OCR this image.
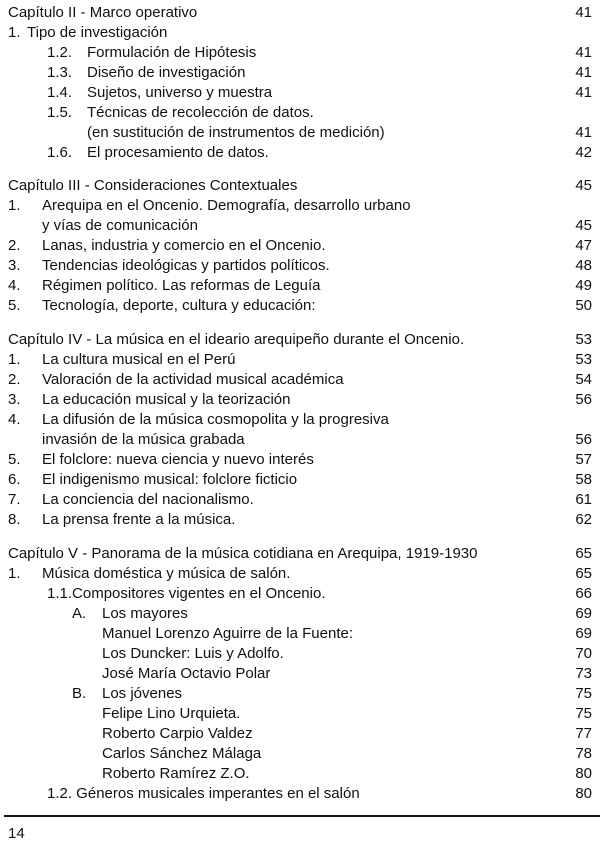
Capítulo II - Marco operativo	41
1. Tipo de investigación
1.2. Formulación de Hipótesis	41
1.3. Diseño de investigación	41
1.4. Sujetos, universo y muestra	41
1.5. Técnicas de recolección de datos.
(en sustitución de instrumentos de medición)	41
1.6. El procesamiento de datos.	42
Capítulo III - Consideraciones Contextuales	45
1. Arequipa en el Oncenio. Demografía, desarrollo urbano
y vías de comunicación	45
2. Lanas, industria y comercio en el Oncenio.	47
3. Tendencias ideológicas y partidos políticos.	48
4. Régimen político. Las reformas de Leguía	49
5. Tecnología, deporte, cultura y educación:	50
Capítulo IV - La música en el ideario arequipeño durante el Oncenio.	53
1. La cultura musical en el Perú	53
2. Valoración de la actividad musical académica	54
3. La educación musical y la teorización	56
4. La difusión de la música cosmopolita y la progresiva
invasión de la música grabada	56
5. El folclore: nueva ciencia y nuevo interés	57
6. El indigenismo musical: folclore ficticio	58
7. La conciencia del nacionalismo.	61
8. La prensa frente a la música.	62
Capítulo V - Panorama de la música cotidiana en Arequipa, 1919-1930	65
1. Música doméstica y música de salón.	65
1.1.Compositores vigentes en el Oncenio.	66
A. Los mayores	69
Manuel Lorenzo Aguirre de la Fuente:	69
Los Duncker: Luis y Adolfo.	70
José María Octavio Polar	73
B. Los jóvenes	75
Felipe Lino Urquieta.	75
Roberto Carpio Valdez	77
Carlos Sánchez Málaga	78
Roberto Ramírez Z.O.	80
1.2. Géneros musicales imperantes en el salón	80
14
